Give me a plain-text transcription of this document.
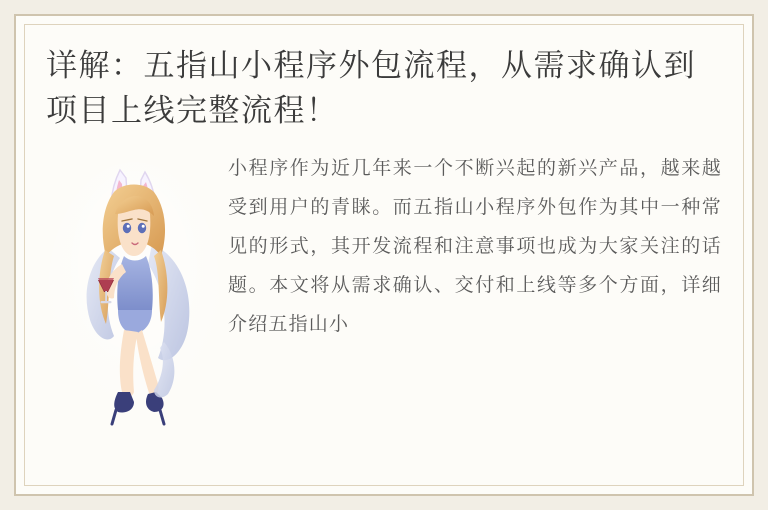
详解：五指山小程序外包流程，从需求确认到项目上线完整流程！
小程序作为近几年来一个不断兴起的新兴产品，越来越受到用户的青睐。而五指山小程序外包作为其中一种常见的形式，其开发流程和注意事项也成为大家关注的话题。本文将从需求确认、交付和上线等多个方面，详细介绍五指山小
